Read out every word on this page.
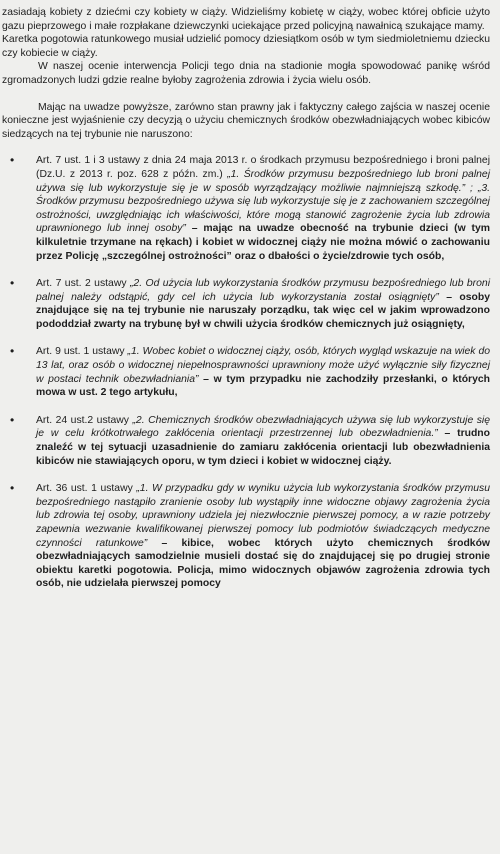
zasiadają kobiety z dziećmi czy kobiety w ciąży. Widzieliśmy kobietę w ciąży, wobec której obficie użyto gazu pieprzowego i małe rozpłakane dziewczynki uciekające przed policyjną nawałnicą szukające mamy.

Karetka pogotowia ratunkowego musiał udzielić pomocy dziesiątkom osób w tym siedmioletniemu dziecku czy kobiecie w ciąży.

W naszej ocenie interwencja Policji tego dnia na stadionie mogła spowodować panikę wśród zgromadzonych ludzi gdzie realne byłoby zagrożenia zdrowia i życia wielu osób.

Mając na uwadze powyższe, zarówno stan prawny jak i faktyczny całego zajścia w naszej ocenie konieczne jest wyjaśnienie czy decyzją o użyciu chemicznych środków obezwładniających wobec kibiców siedzących na tej trybunie nie naruszono:

• Art. 7 ust. 1 i 3 ustawy z dnia 24 maja 2013 r. o środkach przymusu bezpośredniego i broni palnej (Dz.U. z 2013 r. poz. 628 z późn. zm.) „1. Środków przymusu bezpośredniego lub broni palnej używa się lub wykorzystuje się je w sposób wyrządzający możliwie najmniejszą szkodę.” ; „3. Środków przymusu bezpośredniego używa się lub wykorzystuje się je z zachowaniem szczególnej ostrożności, uwzględniając ich właściwości, które mogą stanowić zagrożenie życia lub zdrowia uprawnionego lub innej osoby” – mając na uwadze obecność na trybunie dzieci (w tym kilkuletnie trzymane na rękach) i kobiet w widocznej ciąży nie można mówić o zachowaniu przez Policję „szczególnej ostrożności” oraz o dbałości o życie/zdrowie tych osób,
• Art. 7 ust. 2 ustawy „2. Od użycia lub wykorzystania środków przymusu bezpośredniego lub broni palnej należy odstąpić, gdy cel ich użycia lub wykorzystania został osiągnięty” – osoby znajdujące się na tej trybunie nie naruszały porządku, tak więc cel w jakim wprowadzono pododdział zwarty na trybunę był w chwili użycia środków chemicznych już osiągnięty,
• Art. 9 ust. 1 ustawy „1. Wobec kobiet o widocznej ciąży, osób, których wygląd wskazuje na wiek do 13 lat, oraz osób o widocznej niepełnosprawności uprawniony może użyć wyłącznie siły fizycznej w postaci technik obezwładniania” – w tym przypadku nie zachodziły przesłanki, o których mowa w ust. 2 tego artykułu,
• Art. 24 ust.2 ustawy „2. Chemicznych środków obezwładniających używa się lub wykorzystuje się je w celu krótkotrwałego zakłócenia orientacji przestrzennej lub obezwładnienia.” – trudno znaleźć w tej sytuacji uzasadnienie do zamiaru zakłócenia orientacji lub obezwładnienia kibiców nie stawiających oporu, w tym dzieci i kobiet w widocznej ciąży.
• Art. 36 ust. 1 ustawy „1. W przypadku gdy w wyniku użycia lub wykorzystania środków przymusu bezpośredniego nastąpiło zranienie osoby lub wystąpiły inne widoczne objawy zagrożenia życia lub zdrowia tej osoby, uprawniony udziela jej niezwłocznie pierwszej pomocy, a w razie potrzeby zapewnia wezwanie kwalifikowanej pierwszej pomocy lub podmiotów świadczących medyczne czynności ratunkowe” – kibice, wobec których użyto chemicznych środków obezwładniających samodzielnie musieli dostać się do znajdującej się po drugiej stronie obiektu karetki pogotowia. Policja, mimo widocznych objawów zagrożenia zdrowia tych osób, nie udzielała pierwszej pomocy
